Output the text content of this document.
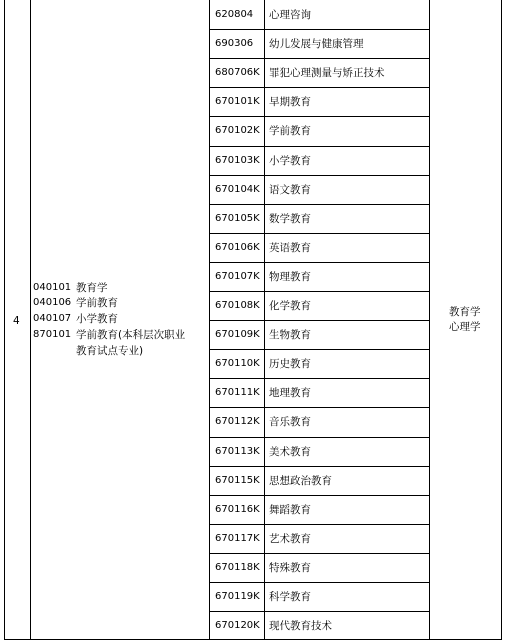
4
040101 教育学
040106 学前教育
040107 小学教育
870101 学前教育(本科层次职业
教育试点专业)
620804 心理咨询
690306 幼儿发展与健康管理
680706K 罪犯心理测量与矫正技术
670101K 早期教育
670102K 学前教育
670103K 小学教育
670104K 语文教育
670105K 数学教育
670106K 英语教育
670107K 物理教育
670108K 化学教育
670109K 生物教育
670110K 历史教育
670111K 地理教育
670112K 音乐教育
670113K 美术教育
670115K 思想政治教育
670116K 舞蹈教育
670117K 艺术教育
670118K 特殊教育
670119K 科学教育
670120K 现代教育技术
教育学
心理学
